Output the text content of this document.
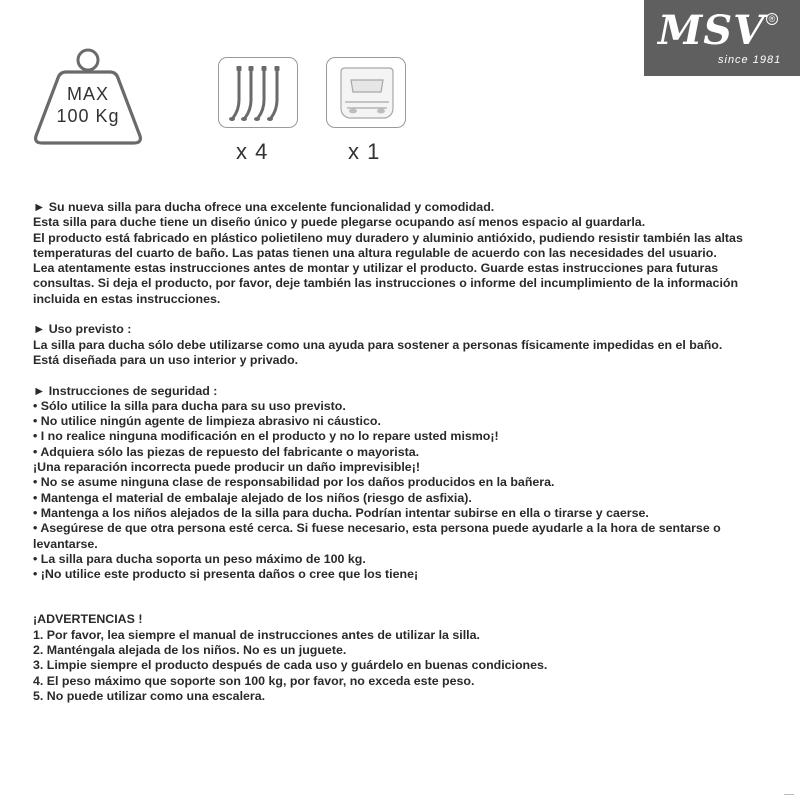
MSV ®
since 1981
MAX
100 Kg
x 4	x 1

► Su nueva silla para ducha ofrece una excelente funcionalidad y comodidad.

Esta silla para duche tiene un diseño único y puede plegarse ocupando así menos espacio al guardarla.

El producto está fabricado en plástico polietileno muy duradero y aluminio antióxido, pudiendo resistir también las altas temperaturas del cuarto de baño. Las patas tienen una altura regulable de acuerdo con las necesidades del usuario.

Lea atentamente estas instrucciones antes de montar y utilizar el producto. Guarde estas instrucciones para futuras consultas. Si deja el producto, por favor, deje también las instrucciones o informe del incumplimiento de la información incluida en estas instrucciones.

► Uso previsto :

La silla para ducha sólo debe utilizarse como una ayuda para sostener a personas físicamente impedidas en el baño.

Está diseñada para un uso interior y privado.

► Instrucciones de seguridad :

• Sólo utilice la silla para ducha para su uso previsto.

• No utilice ningún agente de limpieza abrasivo ni cáustico.

• I no realice ninguna modificación en el producto y no lo repare usted mismo¡!

• Adquiera sólo las piezas de repuesto del fabricante o mayorista.

¡Una reparación incorrecta puede producir un daño imprevisible¡!

• No se asume ninguna clase de responsabilidad por los daños producidos en la bañera.

• Mantenga el material de embalaje alejado de los niños (riesgo de asfixia).

• Mantenga a los niños alejados de la silla para ducha. Podrían intentar subirse en ella o tirarse y caerse.

• Asegúrese de que otra persona esté cerca. Si fuese necesario, esta persona puede ayudarle a la hora de sentarse o levantarse.

• La silla para ducha soporta un peso máximo de 100 kg.

• ¡No utilice este producto si presenta daños o cree que los tiene¡

¡ADVERTENCIAS !

1. Por favor, lea siempre el manual de instrucciones antes de utilizar la silla.

2. Manténgala alejada de los niños. No es un juguete.

3. Limpie siempre el producto después de cada uso y guárdelo en buenas condiciones.

4. El peso máximo que soporte son 100 kg, por favor, no exceda este peso.

5. No puede utilizar como una escalera.
